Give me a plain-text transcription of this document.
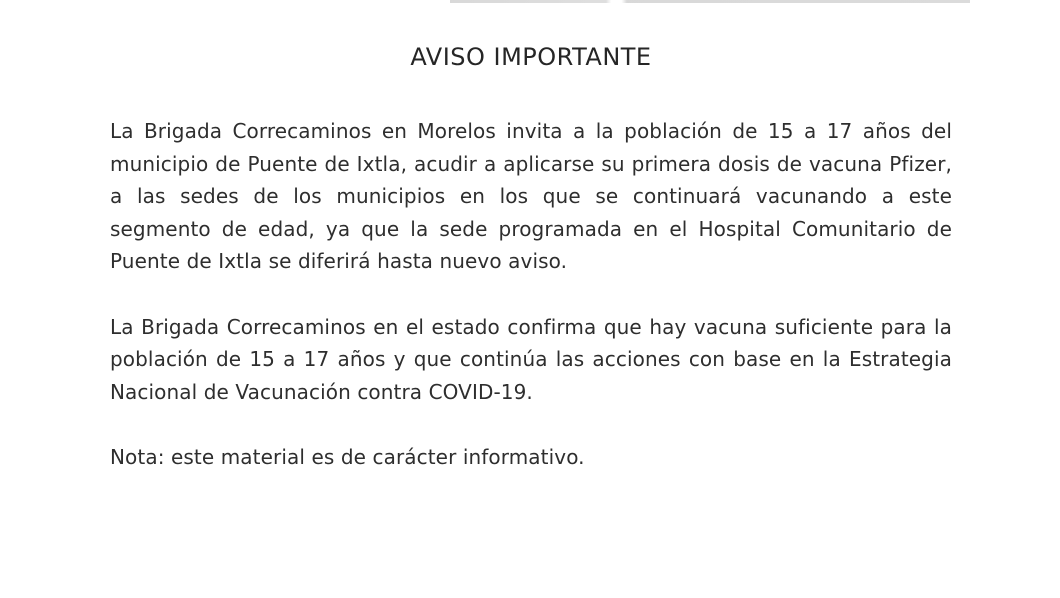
AVISO IMPORTANTE

La Brigada Correcaminos en Morelos invita a la población de 15 a 17 años del municipio de Puente de Ixtla, acudir a aplicarse su primera dosis de vacuna Pfizer, a las sedes de los municipios en los que se continuará vacunando a este segmento de edad, ya que la sede programada en el Hospital Comunitario de Puente de Ixtla se diferirá hasta nuevo aviso.

La Brigada Correcaminos en el estado confirma que hay vacuna suficiente para la población de 15 a 17 años y que continúa las acciones con base en la Estrategia Nacional de Vacunación contra COVID-19.

Nota: este material es de carácter informativo.
